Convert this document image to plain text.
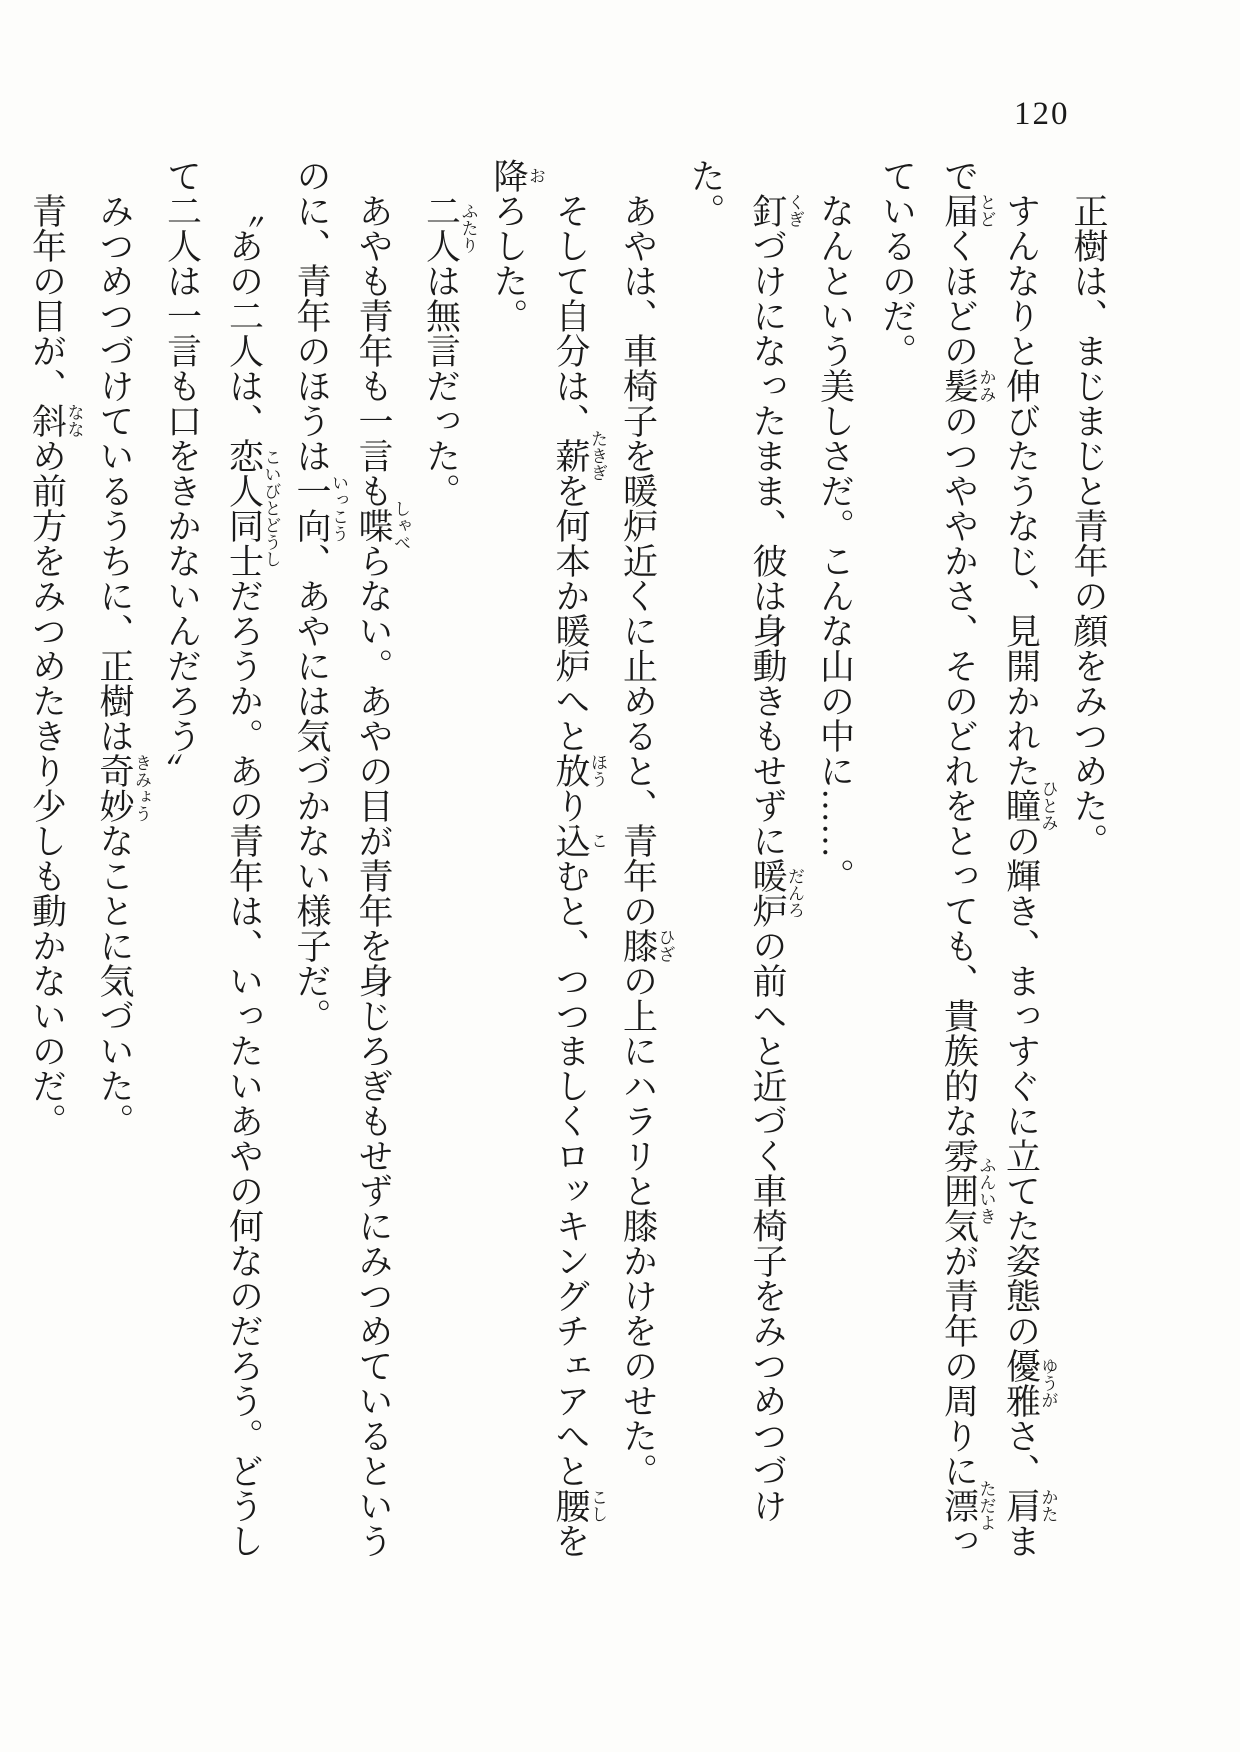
120

正樹は、まじまじと青年の顔をみつめた。

すんなりと伸びたうなじ、見開かれた瞳ひとみの輝き、まっすぐに立てた姿態の優雅ゆうがさ、肩かたまで届とどくほどの髪かみのつややかさ、そのどれをとっても、貴族的な雰囲気ふんいきが青年の周りに漂ただよっているのだ。

なんという美しさだ。こんな山の中に……。

釘くぎづけになったまま、彼は身動きもせずに暖炉だんろの前へと近づく車椅子をみつめつづけた。

あやは、車椅子を暖炉近くに止めると、青年の膝ひざの上にハラリと膝かけをのせた。

そして自分は、薪たきぎを何本か暖炉へと放ほうり込こむと、つつましくロッキングチェアへと腰こしを降おろした。

二人ふたりは無言だった。

あやも青年も一言も喋しゃべらない。あやの目が青年を身じろぎもせずにみつめているというのに、青年のほうは一向いっこう、あやには気づかない様子だ。

〝あの二人は、恋人同士こいびとどうしだろうか。あの青年は、いったいあやの何なのだろう。どうして二人は一言も口をきかないんだろう〞

みつめつづけているうちに、正樹は奇妙きみょうなことに気づいた。

青年の目が、斜ななめ前方をみつめたきり少しも動かないのだ。
